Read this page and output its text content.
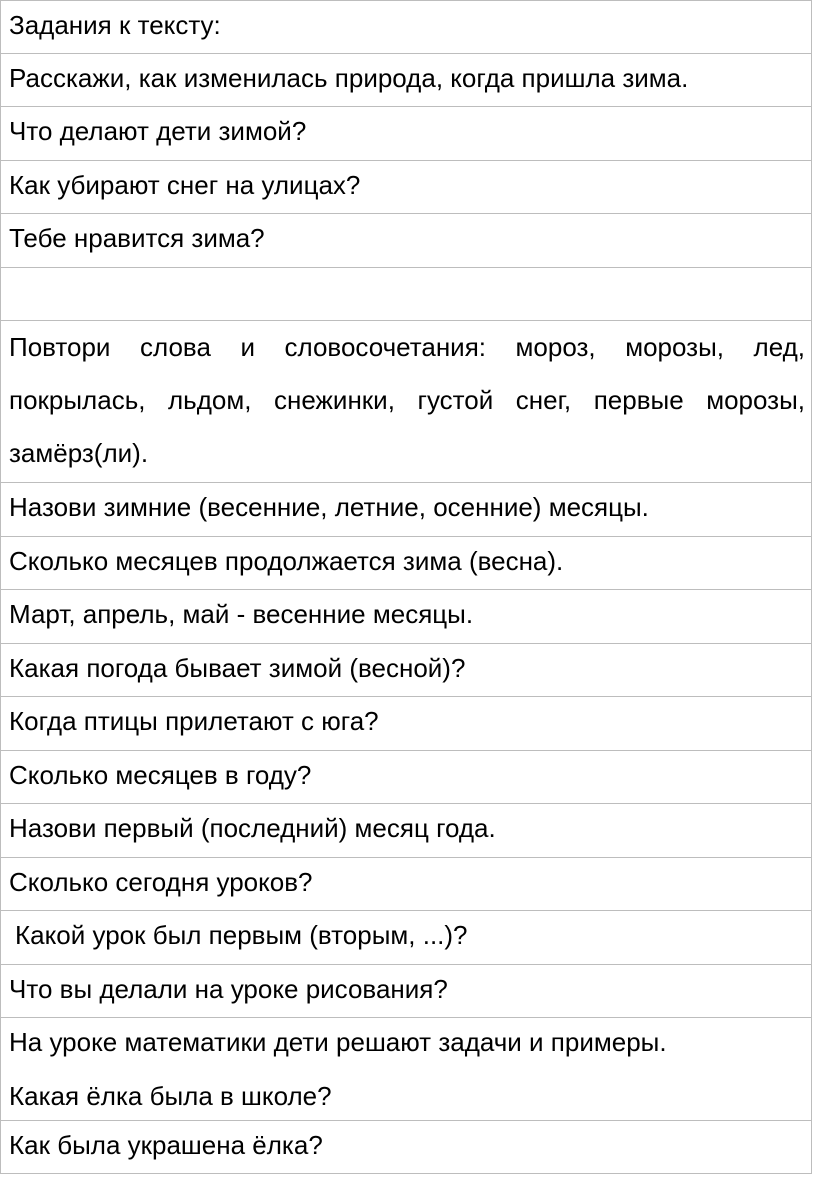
Задания к тексту:
Расскажи, как изменилась природа, когда пришла зима.
Что делают дети зимой?
Как убирают снег на улицах?
Тебе нравится зима?
Повтори слова и словосочетания: мороз, морозы, лед, покрылась, льдом, снежинки, густой снег, первые морозы, замёрз(ли).
Назови зимние (весенние, летние, осенние) месяцы.
Сколько месяцев продолжается зима (весна).
Март, апрель, май - весенние месяцы.
Какая погода бывает зимой (весной)?
Когда птицы прилетают с юга?
Сколько месяцев в году?
Назови первый (последний) месяц года.
Сколько сегодня уроков?
Какой урок был первым (вторым, ...)?
Что вы делали на уроке рисования?
На уроке математики дети решают задачи и примеры.
Какая ёлка была в школе?
Как была украшена ёлка?
